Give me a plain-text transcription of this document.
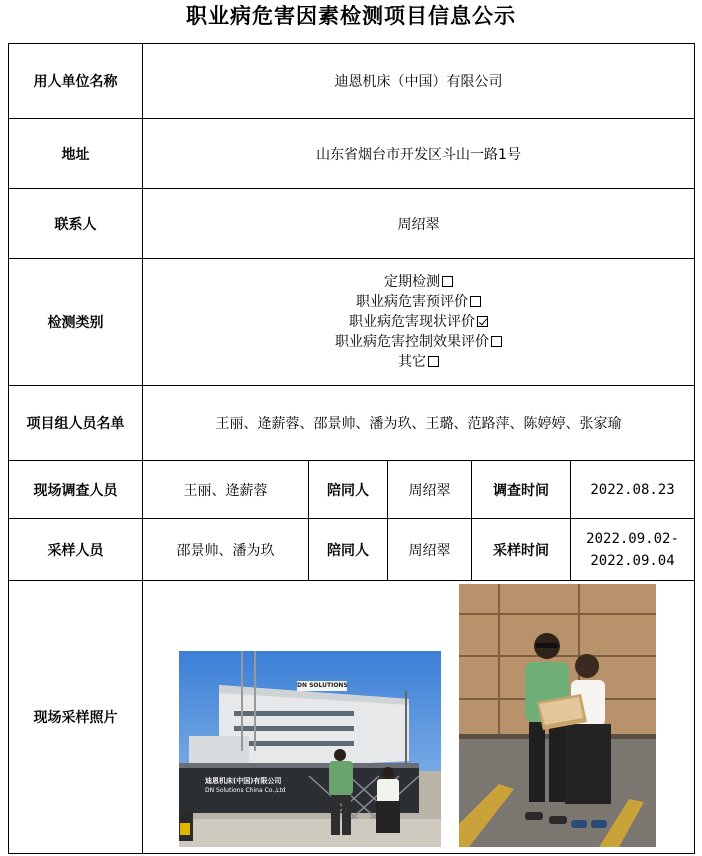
职业病危害因素检测项目信息公示
用人单位名称	迪恩机床（中国）有限公司				
地址	山东省烟台市开发区斗山一路1号				
联系人	周绍翠				
检测类别	定期检测
职业病危害预评价
职业病危害现状评价
职业病危害控制效果评价
其它				

项目组人员名单	王丽、逄薪蓉、邵景帅、潘为玖、王璐、范路萍、陈婷婷、张家瑜				
现场调查人员	王丽、逄薪蓉	陪同人	周绍翠	调查时间	2022.08.23
采样人员	邵景帅、潘为玖	陪同人	周绍翠	采样时间	2022.09.02-
2022.09.04

现场采样照片	迪恩机床(中国)有限公司
DN Solutions China Co.,Ltd
DN SOLUTIONS				
